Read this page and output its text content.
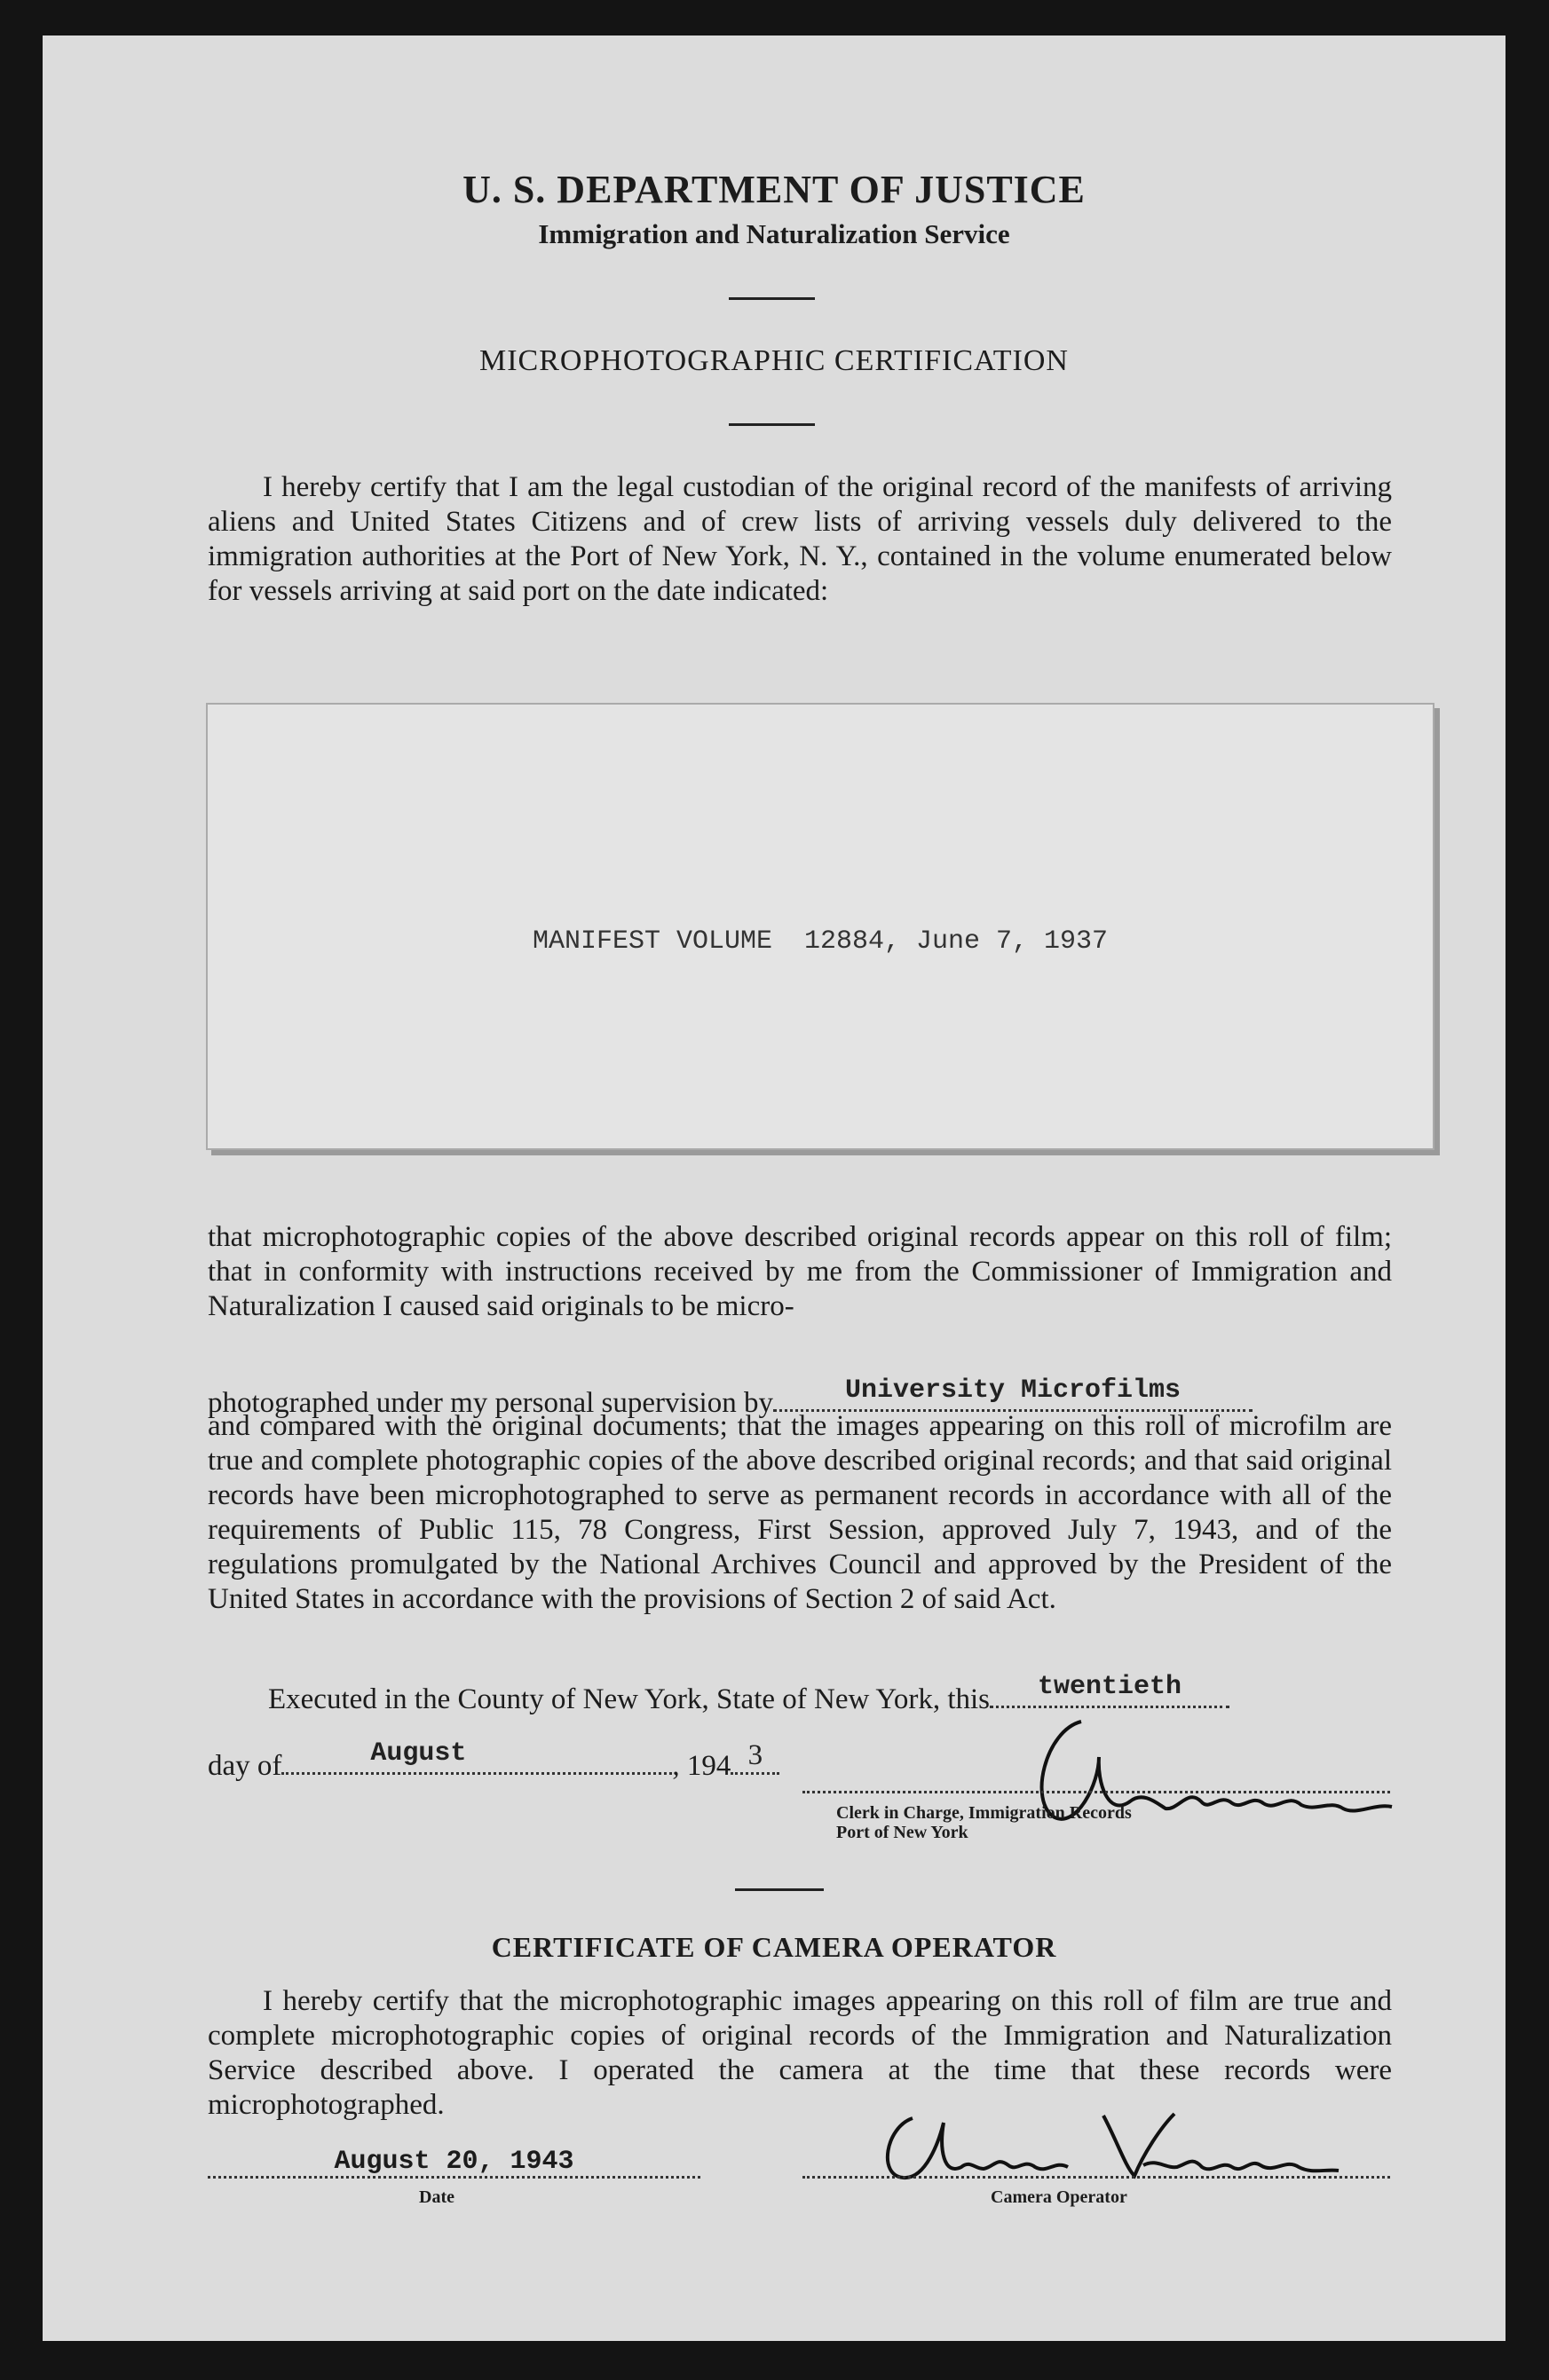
U. S. DEPARTMENT OF JUSTICE
Immigration and Naturalization Service
MICROPHOTOGRAPHIC CERTIFICATION
I hereby certify that I am the legal custodian of the original record of the manifests of arriving aliens and United States Citizens and of crew lists of arriving vessels duly delivered to the immigration authorities at the Port of New York, N. Y., contained in the volume enumerated below for vessels arriving at said port on the date indicated:
MANIFEST VOLUME  12884, June 7, 1937
that microphotographic copies of the above described original records appear on this roll of film; that in conformity with instructions received by me from the Commissioner of Immigration and Naturalization I caused said originals to be micro-
photographed under my personal supervision by	University Microfilms
and compared with the original documents; that the images appearing on this roll of microfilm are true and complete photographic copies of the above described original records; and that said original records have been microphotographed to serve as permanent records in accordance with all of the requirements of Public 115, 78 Congress, First Session, approved July 7, 1943, and of the regulations promulgated by the National Archives Council and approved by the President of the United States in accordance with the provisions of Section 2 of said Act.
Executed in the County of New York, State of New York, this	twentieth
day of	August	, 194 3
Clerk in Charge, Immigration Records
Port of New York
CERTIFICATE OF CAMERA OPERATOR
I hereby certify that the microphotographic images appearing on this roll of film are true and complete microphotographic copies of original records of the Immigration and Naturalization Service described above. I operated the camera at the time that these records were microphotographed.
August 20, 1943
Date	Camera Operator
